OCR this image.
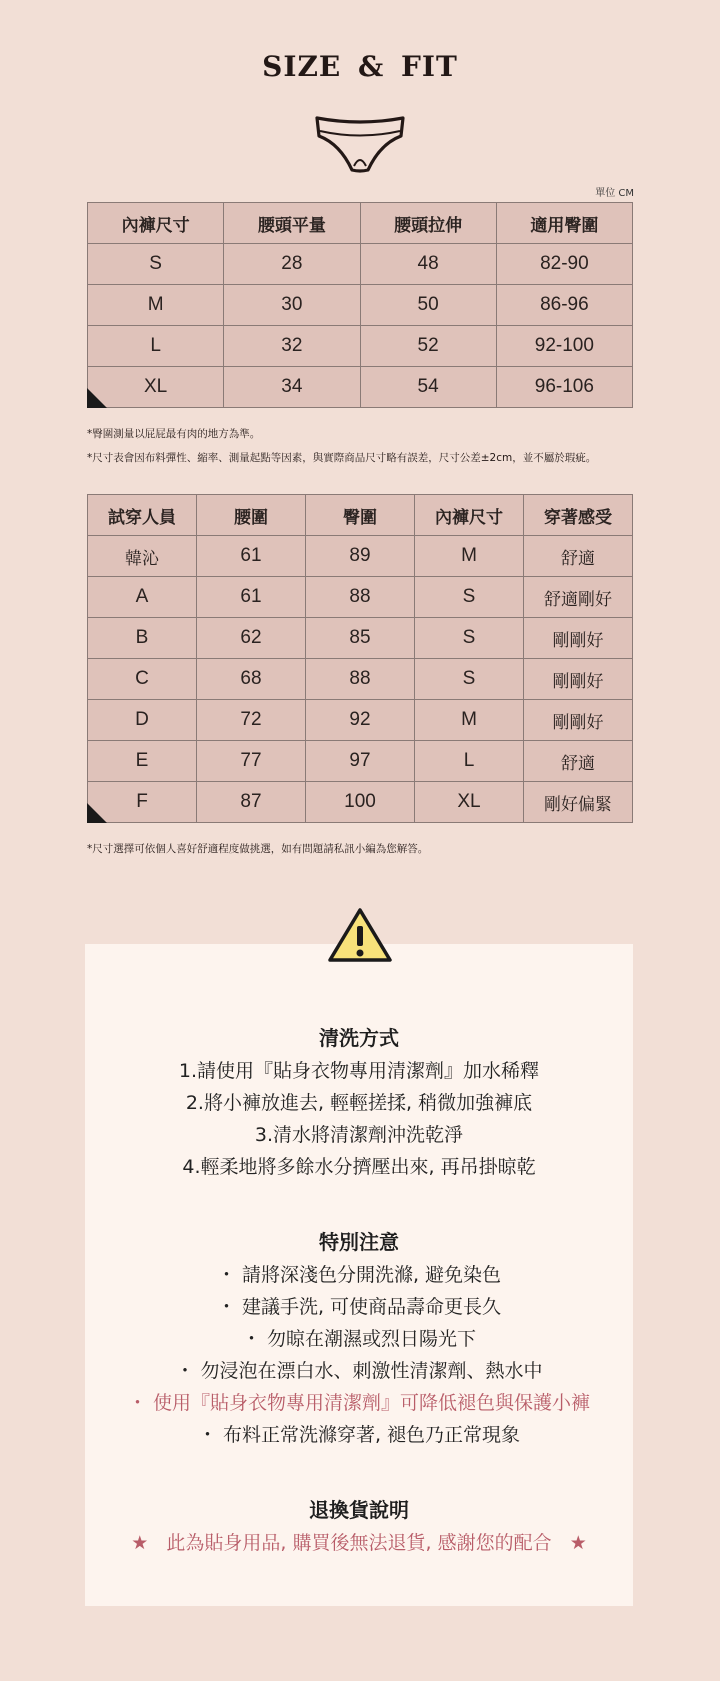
SIZE & FIT
單位 CM
內褲尺寸	腰頭平量	腰頭拉伸	適用臀圍
S	28	48	82-90
M	30	50	86-96
L	32	52	92-100
XL	34	54	96-106
*臀圍測量以屁屁最有肉的地方為準。
*尺寸表會因布料彈性、縮率、測量起點等因素，與實際商品尺寸略有誤差，尺寸公差±2cm，並不屬於瑕疵。
試穿人員	腰圍	臀圍	內褲尺寸	穿著感受
韓沁	61	89	M	舒適
A	61	88	S	舒適剛好
B	62	85	S	剛剛好
C	68	88	S	剛剛好
D	72	92	M	剛剛好
E	77	97	L	舒適
F	87	100	XL	剛好偏緊
*尺寸選擇可依個人喜好舒適程度做挑選，如有問題請私訊小編為您解答。
清洗方式
1.請使用『貼身衣物專用清潔劑』加水稀釋
2.將小褲放進去, 輕輕搓揉, 稍微加強褲底
3.清水將清潔劑沖洗乾淨
4.輕柔地將多餘水分擠壓出來, 再吊掛晾乾
特別注意
・ 請將深淺色分開洗滌, 避免染色
・ 建議手洗, 可使商品壽命更長久
・ 勿晾在潮濕或烈日陽光下
・ 勿浸泡在漂白水、刺激性清潔劑、熱水中
・ 使用『貼身衣物專用清潔劑』可降低褪色與保護小褲
・ 布料正常洗滌穿著, 褪色乃正常現象
退換貨說明
★ 此為貼身用品, 購買後無法退貨, 感謝您的配合 ★
